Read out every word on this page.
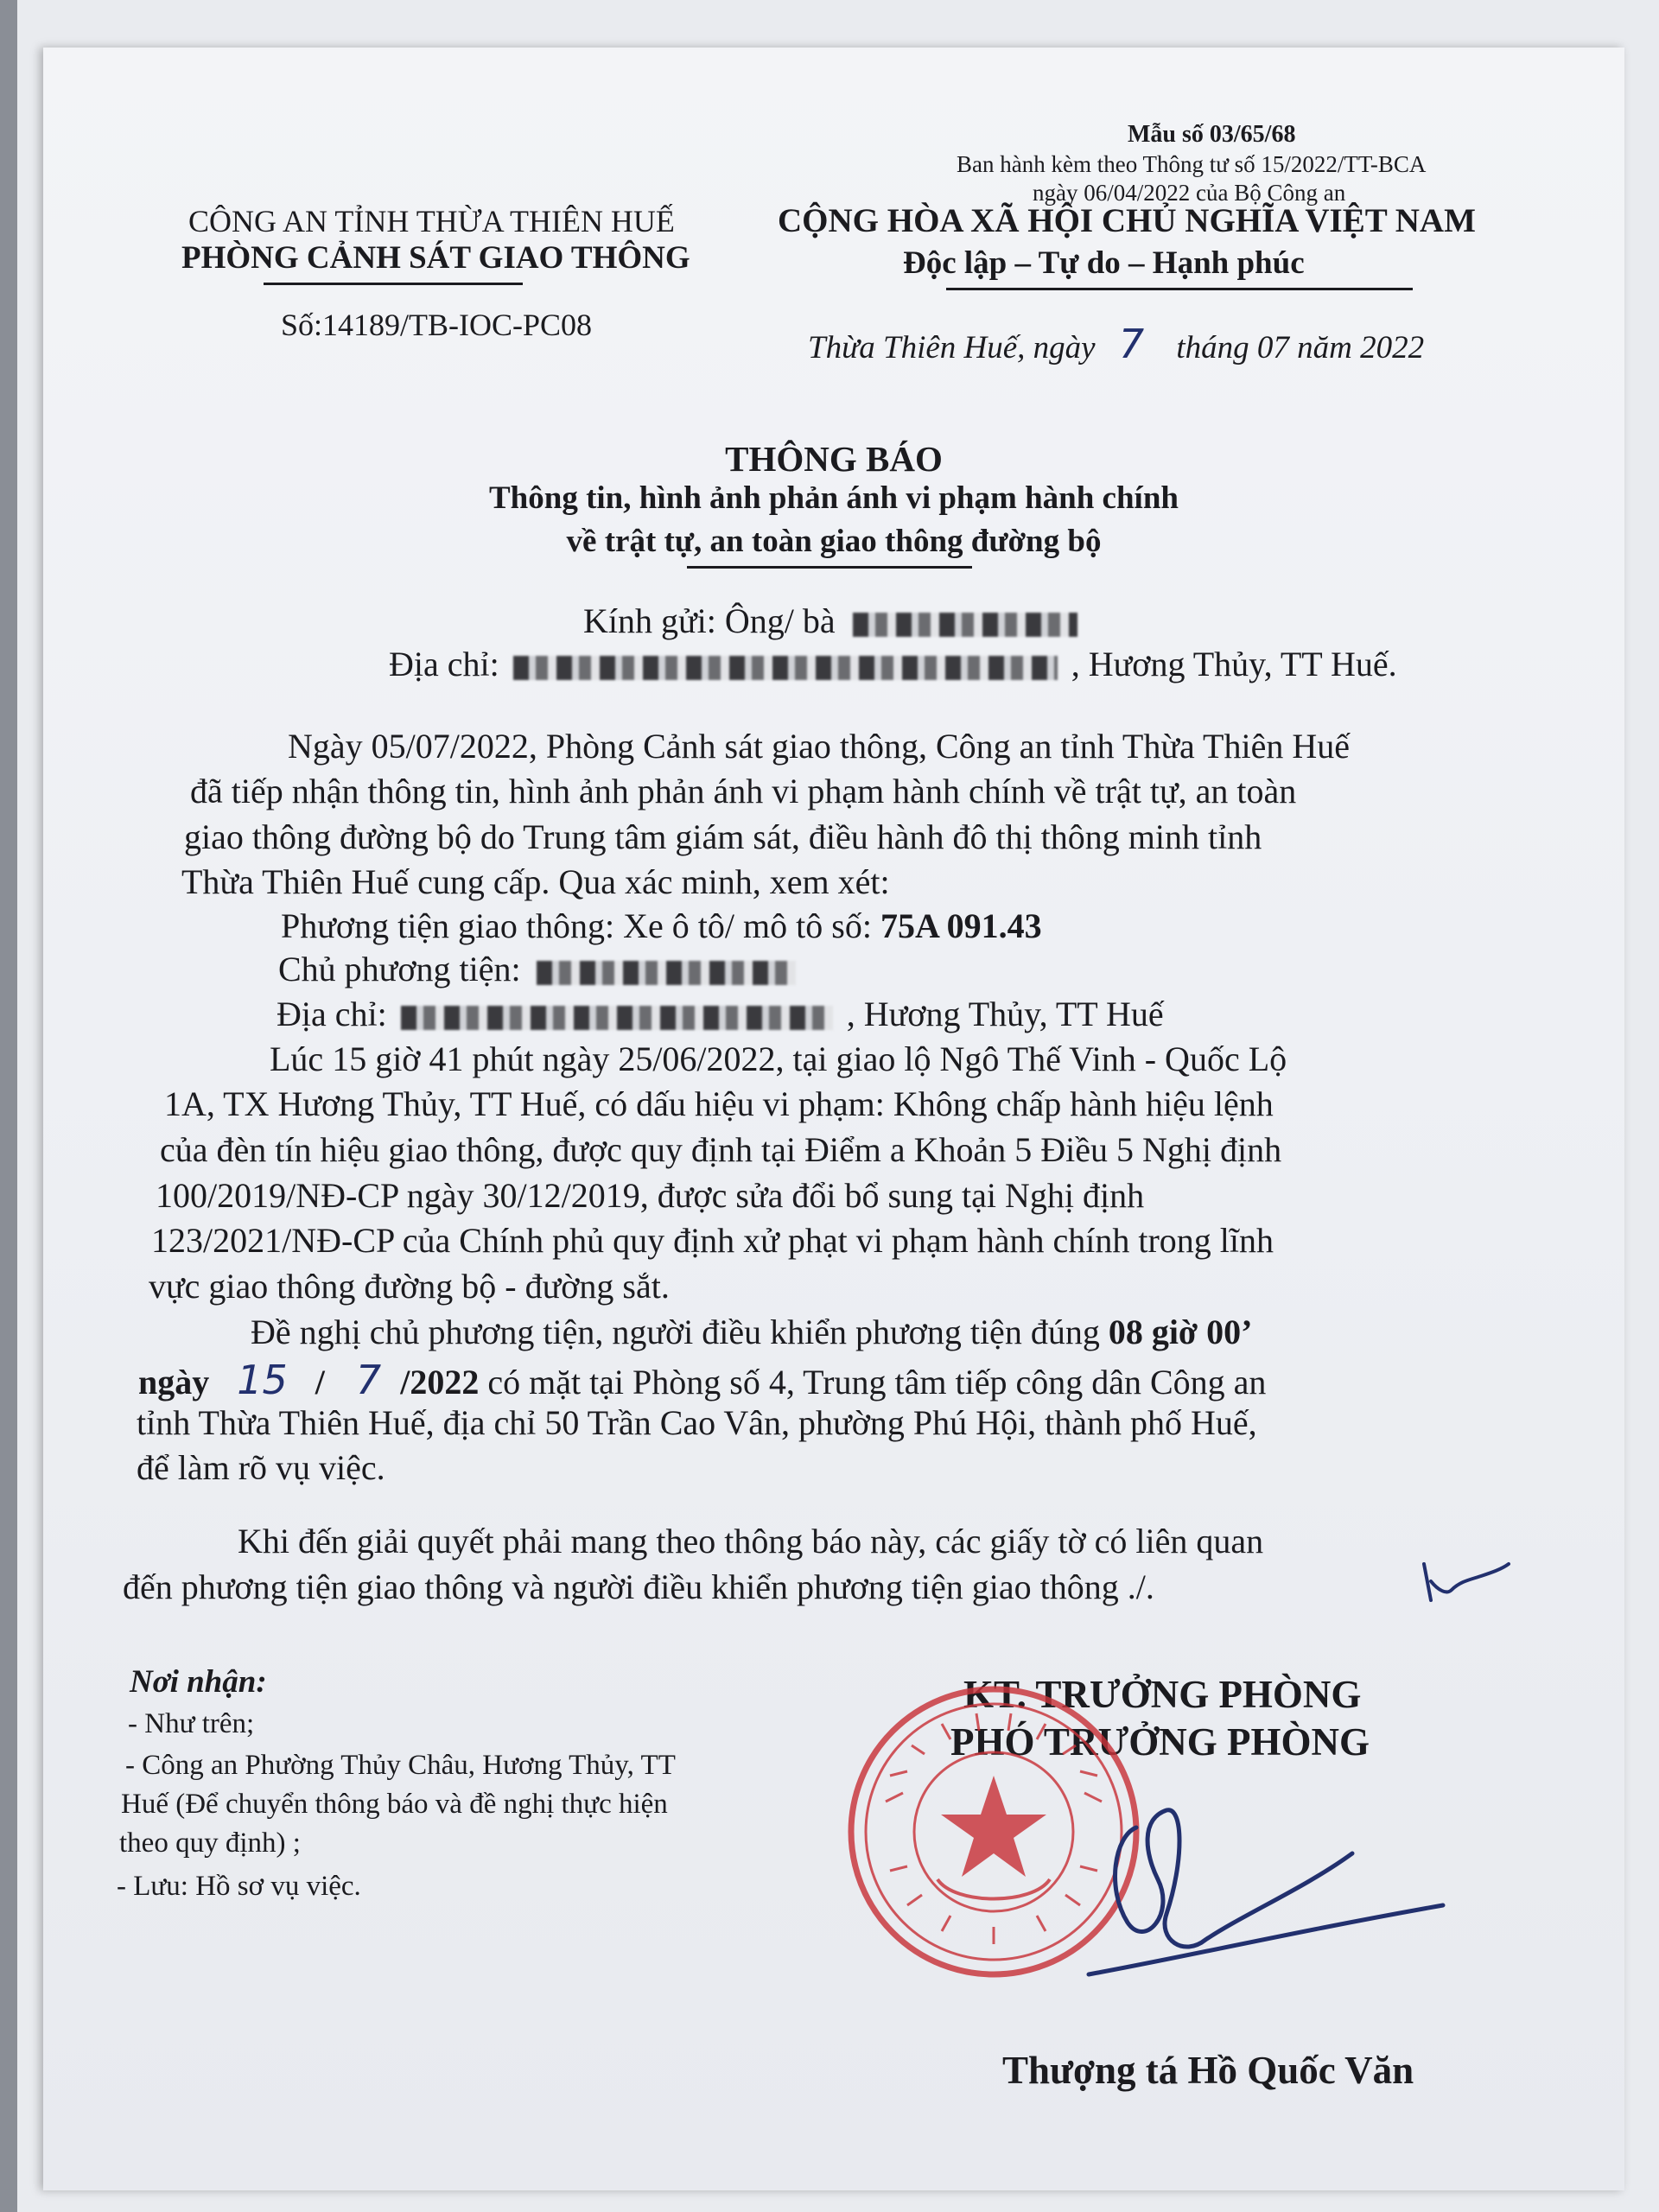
Mẫu số 03/65/68
Ban hành kèm theo Thông tư số 15/2022/TT-BCA
ngày 06/04/2022 của Bộ Công an
CÔNG AN TỈNH THỪA THIÊN HUẾ
PHÒNG CẢNH SÁT GIAO THÔNG
Số:14189/TB-IOC-PC08
CỘNG HÒA XÃ HỘI CHỦ NGHĨA VIỆT NAM
Độc lập – Tự do – Hạnh phúc
Thừa Thiên Huế, ngày 7 tháng 07 năm 2022
THÔNG BÁO
Thông tin, hình ảnh phản ánh vi phạm hành chính
về trật tự, an toàn giao thông đường bộ
Kính gửi: Ông/ bà
Địa chỉ:	, Hương Thủy, TT Huế.
Ngày 05/07/2022, Phòng Cảnh sát giao thông, Công an tỉnh Thừa Thiên Huế
đã tiếp nhận thông tin, hình ảnh phản ánh vi phạm hành chính về trật tự, an toàn
giao thông đường bộ do Trung tâm giám sát, điều hành đô thị thông minh tỉnh
Thừa Thiên Huế cung cấp. Qua xác minh, xem xét:
Phương tiện giao thông: Xe ô tô/ mô tô số: 75A 091.43
Chủ phương tiện:
Địa chỉ:	, Hương Thủy, TT Huế
Lúc 15 giờ 41 phút ngày 25/06/2022, tại giao lộ Ngô Thế Vinh - Quốc Lộ
1A, TX Hương Thủy, TT Huế, có dấu hiệu vi phạm: Không chấp hành hiệu lệnh
của đèn tín hiệu giao thông, được quy định tại Điểm a Khoản 5 Điều 5 Nghị định
100/2019/NĐ-CP ngày 30/12/2019, được sửa đổi bổ sung tại Nghị định
123/2021/NĐ-CP của Chính phủ quy định xử phạt vi phạm hành chính trong lĩnh
vực giao thông đường bộ - đường sắt.
Đề nghị chủ phương tiện, người điều khiển phương tiện đúng 08 giờ 00’
ngày 15 / 7 /2022 có mặt tại Phòng số 4, Trung tâm tiếp công dân Công an
tỉnh Thừa Thiên Huế, địa chỉ 50 Trần Cao Vân, phường Phú Hội, thành phố Huế,
để làm rõ vụ việc.
Khi đến giải quyết phải mang theo thông báo này, các giấy tờ có liên quan
đến phương tiện giao thông và người điều khiển phương tiện giao thông ./.
Nơi nhận:
- Như trên;
- Công an Phường Thủy Châu, Hương Thủy, TT
Huế (Để chuyển thông báo và đề nghị thực hiện
theo quy định) ;
- Lưu: Hồ sơ vụ việc.
KT. TRƯỞNG PHÒNG
PHÓ TRƯỞNG PHÒNG
Thượng tá Hồ Quốc Văn
